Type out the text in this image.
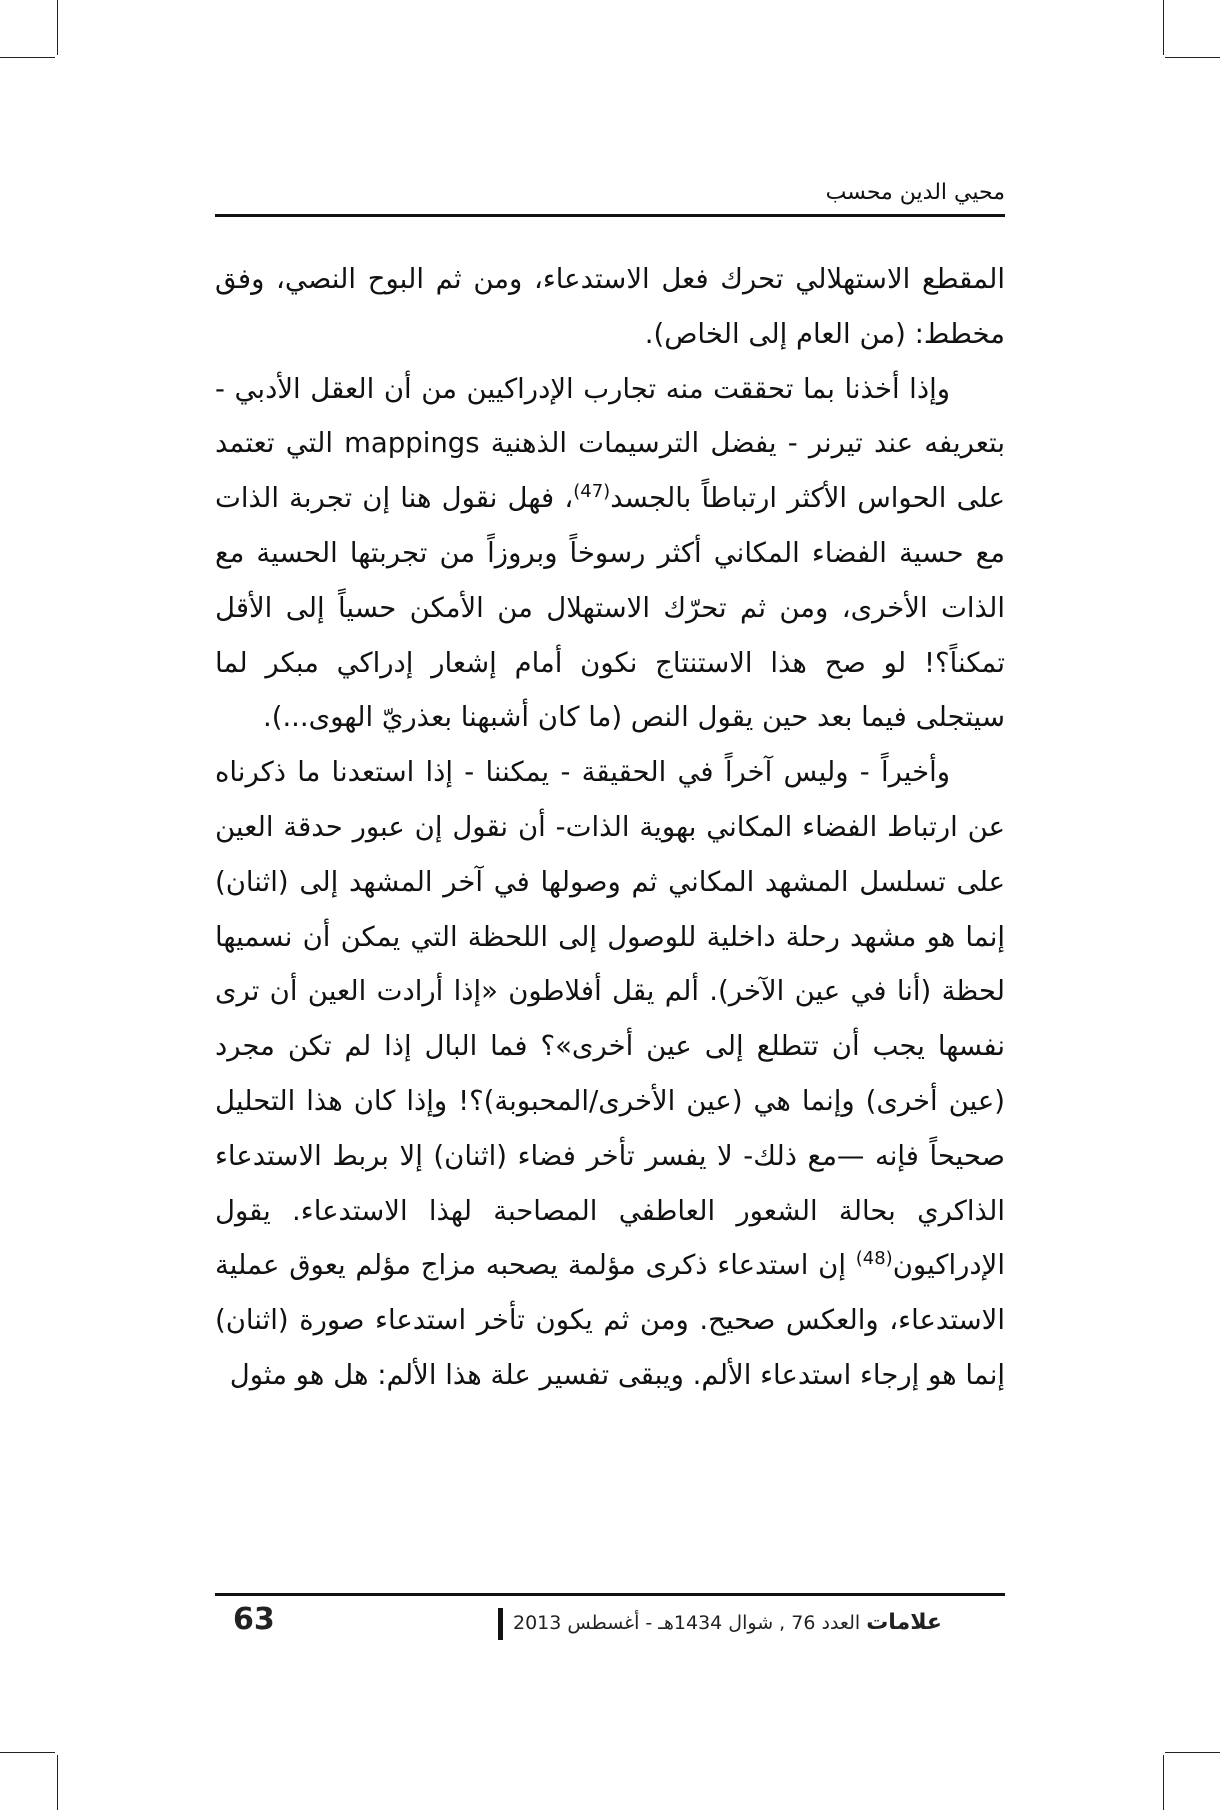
محيي الدين محسب

المقطع الاستهلالي تحرك فعل الاستدعاء، ومن ثم البوح النصي، وفق مخطط: (من العام إلى الخاص).

وإذا أخذنا بما تحققت منه تجارب الإدراكيين من أن العقل الأدبي - بتعريفه عند تيرنر - يفضل الترسيمات الذهنية mappings التي تعتمد على الحواس الأكثر ارتباطاً بالجسد$^{(47)}$، فهل نقول هنا إن تجربة الذات مع حسية الفضاء المكاني أكثر رسوخاً وبروزاً من تجربتها الحسية مع الذات الأخرى، ومن ثم تحرّك الاستهلال من الأمكن حسياً إلى الأقل تمكناً؟! لو صح هذا الاستنتاج نكون أمام إشعار إدراكي مبكر لما سيتجلى فيما بعد حين يقول النص (ما كان أشبهنا بعذريّ الهوى...).

وأخيراً - وليس آخراً في الحقيقة - يمكننا - إذا استعدنا ما ذكرناه عن ارتباط الفضاء المكاني بهوية الذات- أن نقول إن عبور حدقة العين على تسلسل المشهد المكاني ثم وصولها في آخر المشهد إلى (اثنان) إنما هو مشهد رحلة داخلية للوصول إلى اللحظة التي يمكن أن نسميها لحظة (أنا في عين الآخر). ألم يقل أفلاطون «إذا أرادت العين أن ترى نفسها يجب أن تتطلع إلى عين أخرى»؟ فما البال إذا لم تكن مجرد (عين أخرى) وإنما هي (عين الأخرى/المحبوبة)؟! وإذا كان هذا التحليل صحيحاً فإنه —مع ذلك- لا يفسر تأخر فضاء (اثنان) إلا بربط الاستدعاء الذاكري بحالة الشعور العاطفي المصاحبة لهذا الاستدعاء. يقول الإدراكيون$^{(48)}$ إن استدعاء ذكرى مؤلمة يصحبه مزاج مؤلم يعوق عملية الاستدعاء، والعكس صحيح. ومن ثم يكون تأخر استدعاء صورة (اثنان) إنما هو إرجاء استدعاء الألم. ويبقى تفسير علة هذا الألم: هل هو مثول

63	علامات العدد 76 , شوال 1434هـ - أغسطس 2013
